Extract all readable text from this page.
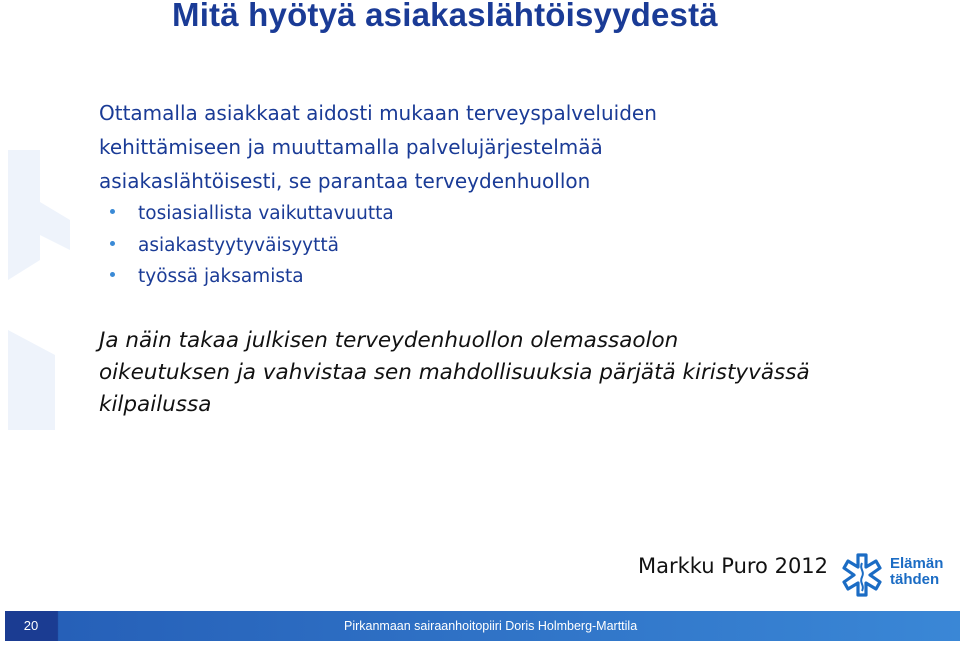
Mitä hyötyä asiakaslähtöisyydestä

Ottamalla asiakkaat aidosti mukaan terveyspalveluiden
kehittämiseen ja muuttamalla palvelujärjestelmää
asiakaslähtöisesti, se parantaa terveydenhuollon

tosiasiallista vaikuttavuutta
asiakastyytyväisyyttä
työssä jaksamista

Ja näin takaa julkisen terveydenhuollon olemassaolon
oikeutuksen ja vahvistaa sen mahdollisuuksia pärjätä kiristyvässä
kilpailussa

Markku Puro 2012	Elämän
tähden
20	Pirkanmaan sairaanhoitopiiri Doris Holmberg-Marttila
